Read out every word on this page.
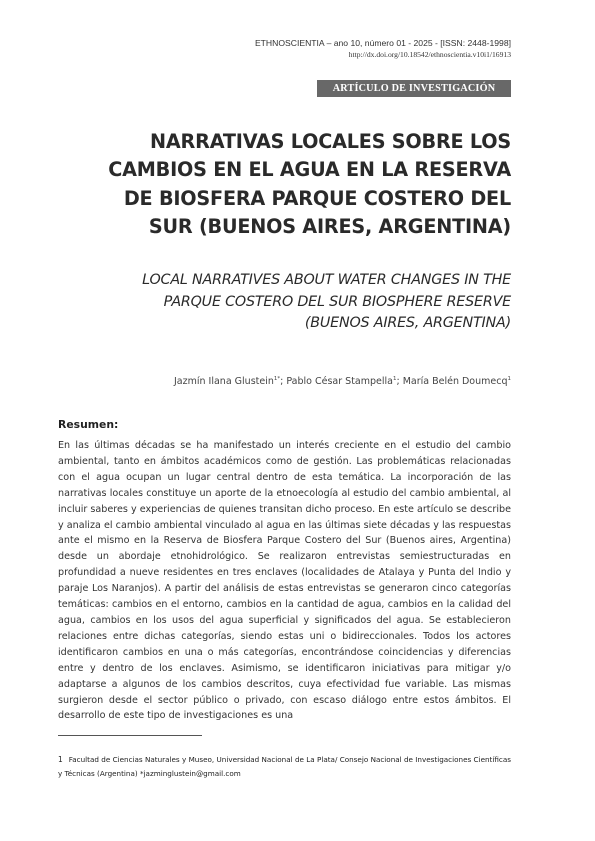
ETHNOSCIENTIA – ano 10, número 01 - 2025 - [ISSN: 2448-1998]
http://dx.doi.org/10.18542/ethnoscientia.v10i1/16913
ARTÍCULO DE INVESTIGACIÓN
NARRATIVAS LOCALES SOBRE LOS
CAMBIOS EN EL AGUA EN LA RESERVA
DE BIOSFERA PARQUE COSTERO DEL
SUR (BUENOS AIRES, ARGENTINA)
LOCAL NARRATIVES ABOUT WATER CHANGES IN THE
PARQUE COSTERO DEL SUR BIOSPHERE RESERVE
(BUENOS AIRES, ARGENTINA)
Jazmín Ilana Glustein$^{1*}$; Pablo César Stampella$^1$; María Belén Doumecq$^1$
Resumen:
En las últimas décadas se ha manifestado un interés creciente en el estudio del cambio ambiental, tanto en ámbitos académicos como de gestión. Las problemáticas relacionadas con el agua ocupan un lugar central dentro de esta temática. La incorporación de las narrativas locales constituye un aporte de la etnoecología al estudio del cambio ambiental, al incluir saberes y experiencias de quienes transitan dicho proceso. En este artículo se describe y analiza el cambio ambiental vinculado al agua en las últimas siete décadas y las respuestas ante el mismo en la Reserva de Biosfera Parque Costero del Sur (Buenos aires, Argentina) desde un abordaje etnohidrológico. Se realizaron entrevistas semiestructuradas en profundidad a nueve residentes en tres enclaves (localidades de Atalaya y Punta del Indio y paraje Los Naranjos). A partir del análisis de estas entrevistas se generaron cinco categorías temáticas: cambios en el entorno, cambios en la cantidad de agua, cambios en la calidad del agua, cambios en los usos del agua superficial y significados del agua. Se establecieron relaciones entre dichas categorías, siendo estas uni o bidireccionales. Todos los actores identificaron cambios en una o más categorías, encontrándose coincidencias y diferencias entre y dentro de los enclaves. Asimismo, se identificaron iniciativas para mitigar y/o adaptarse a algunos de los cambios descritos, cuya efectividad fue variable. Las mismas surgieron desde el sector público o privado, con escaso diálogo entre estos ámbitos. El desarrollo de este tipo de investigaciones es una
1 Facultad de Ciencias Naturales y Museo, Universidad Nacional de La Plata/ Consejo Nacional de Investigaciones Científicas y Técnicas (Argentina) *jazminglustein@gmail.com
